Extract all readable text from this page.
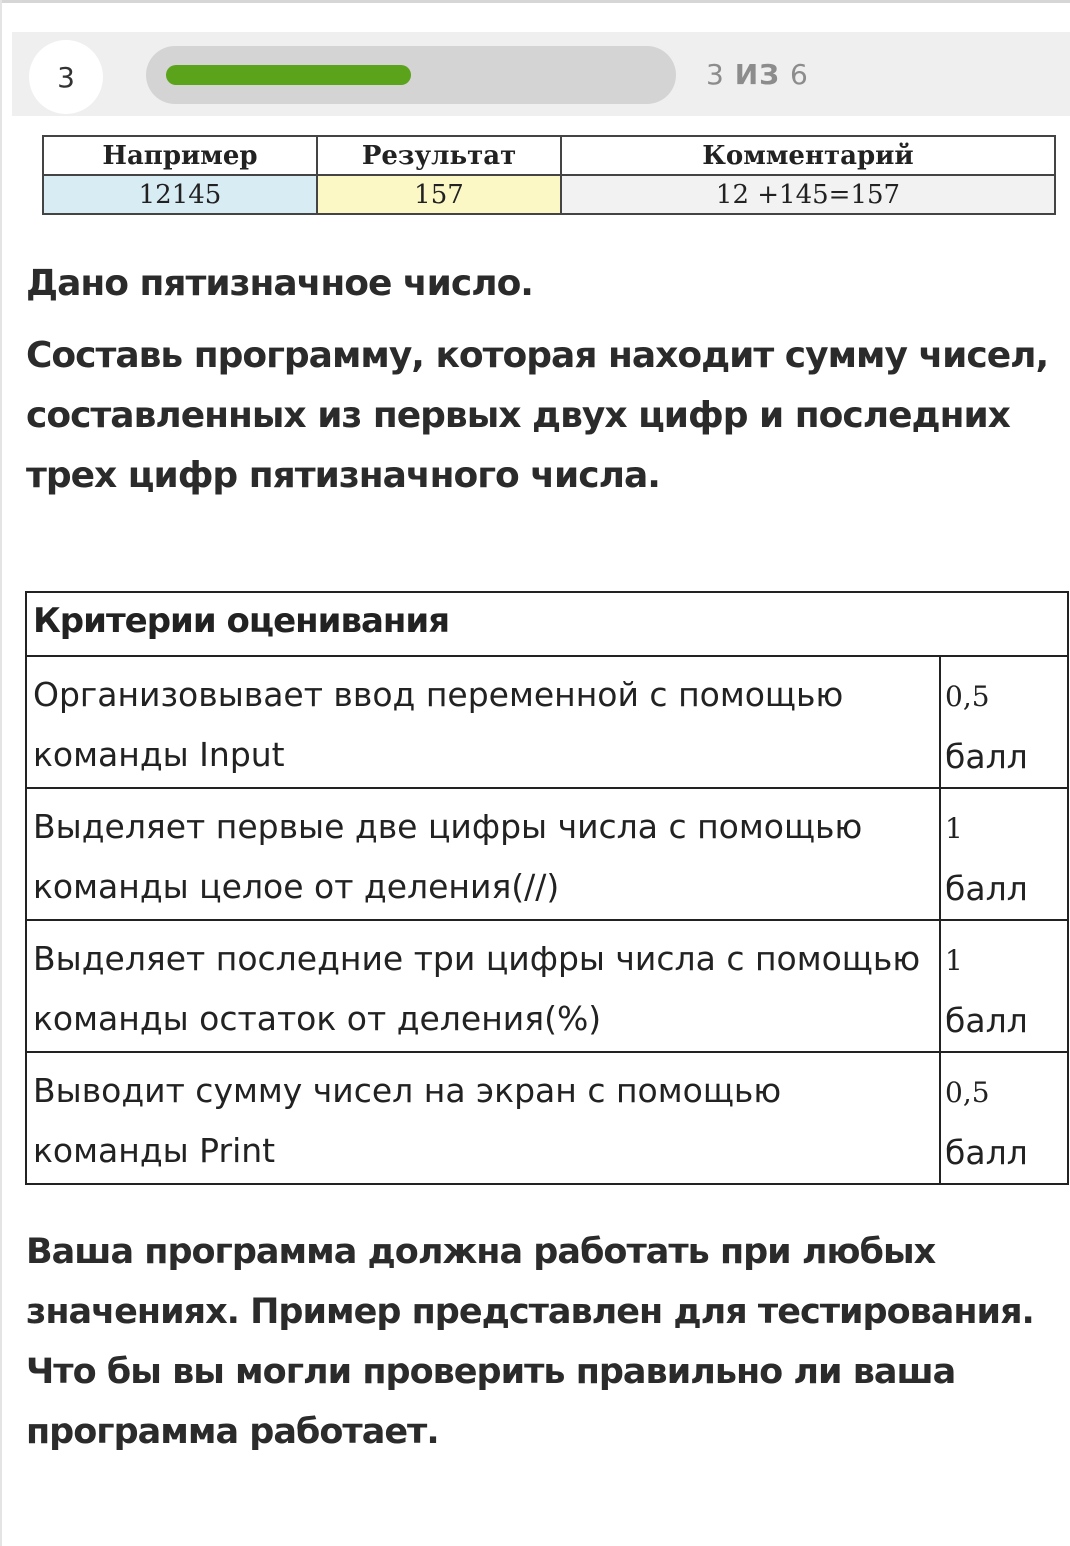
3	3 ИЗ 6
Например	Результат	Комментарий
12145	157	12 +145=157

Дано пятизначное число.

Составь программу, которая находит сумму чисел, составленных из первых двух цифр и последних трех цифр пятизначного числа.

Критерии оценивания	
Организовывает ввод переменной с помощью команды Input	0,5
балл
Выделяет первые две цифры числа с помощью команды целое от деления(//)	1
балл
Выделяет последние три цифры числа с помощью команды остаток от деления(%)	1
балл
Выводит сумму чисел на экран с помощью команды Print	0,5
балл

Ваша программа должна работать при любых значениях. Пример представлен для тестирования. Что бы вы могли проверить правильно ли ваша программа работает.
